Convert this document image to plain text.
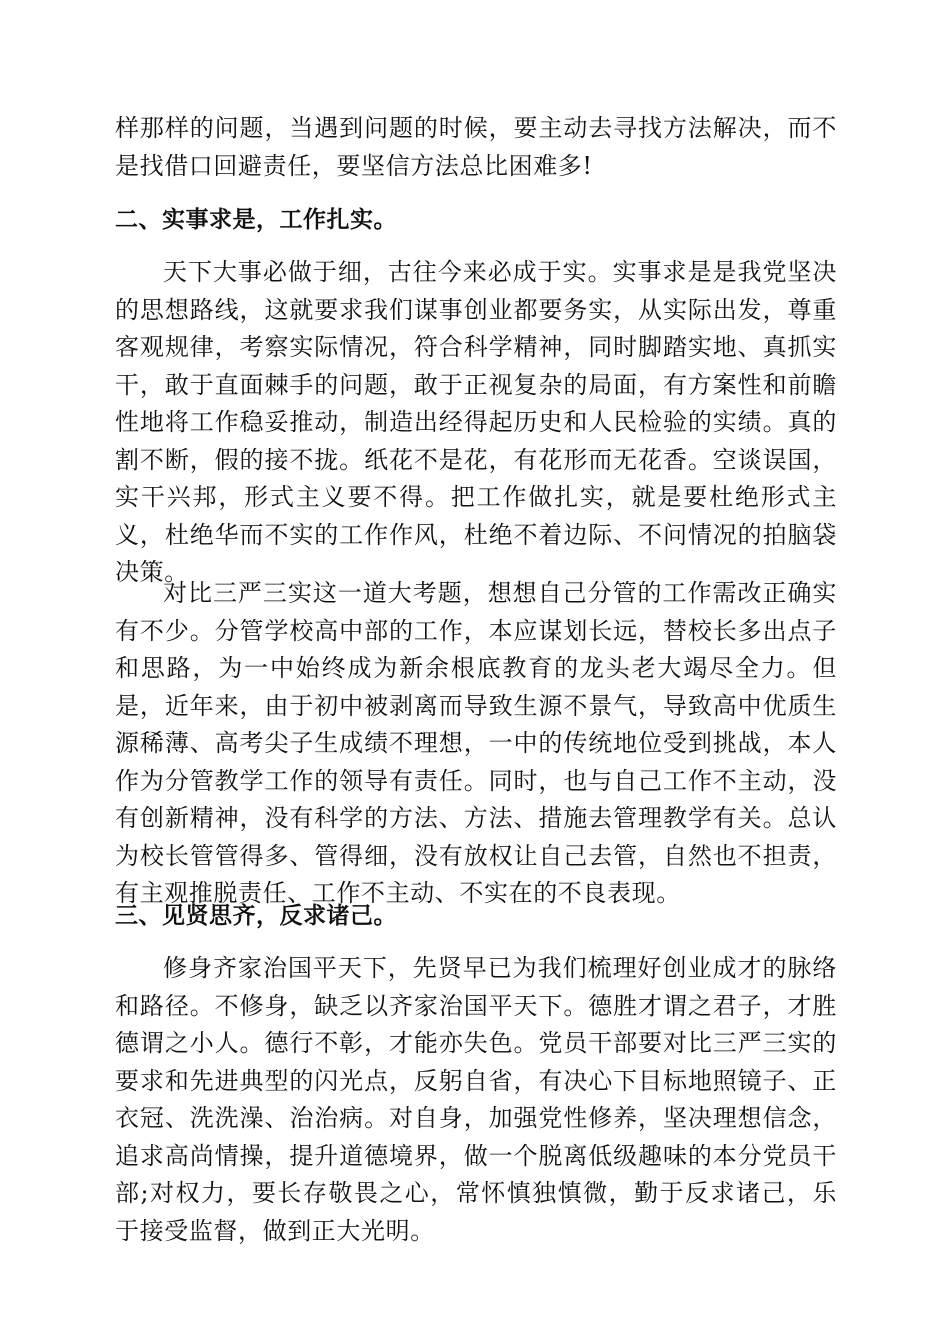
样那样的问题，当遇到问题的时候，要主动去寻找方法解决，而不是找借口回避责任，要坚信方法总比困难多!

二、实事求是，工作扎实。

天下大事必做于细，古往今来必成于实。实事求是是我党坚决的思想路线，这就要求我们谋事创业都要务实，从实际出发，尊重客观规律，考察实际情况，符合科学精神，同时脚踏实地、真抓实干，敢于直面棘手的问题，敢于正视复杂的局面，有方案性和前瞻性地将工作稳妥推动，制造出经得起历史和人民检验的实绩。真的割不断，假的接不拢。纸花不是花，有花形而无花香。空谈误国，实干兴邦，形式主义要不得。把工作做扎实，就是要杜绝形式主义，杜绝华而不实的工作作风，杜绝不着边际、不问情况的拍脑袋决策。

对比三严三实这一道大考题，想想自己分管的工作需改正确实有不少。分管学校高中部的工作，本应谋划长远，替校长多出点子和思路，为一中始终成为新余根底教育的龙头老大竭尽全力。但是，近年来，由于初中被剥离而导致生源不景气，导致高中优质生源稀薄、高考尖子生成绩不理想，一中的传统地位受到挑战，本人作为分管教学工作的领导有责任。同时，也与自己工作不主动，没有创新精神，没有科学的方法、方法、措施去管理教学有关。总认为校长管管得多、管得细，没有放权让自己去管，自然也不担责，有主观推脱责任、工作不主动、不实在的不良表现。

三、见贤思齐，反求诸己。

修身齐家治国平天下，先贤早已为我们梳理好创业成才的脉络和路径。不修身，缺乏以齐家治国平天下。德胜才谓之君子，才胜德谓之小人。德行不彰，才能亦失色。党员干部要对比三严三实的要求和先进典型的闪光点，反躬自省，有决心下目标地照镜子、正衣冠、洗洗澡、治治病。对自身，加强党性修养，坚决理想信念，追求高尚情操，提升道德境界，做一个脱离低级趣味的本分党员干部;对权力，要长存敬畏之心，常怀慎独慎微，勤于反求诸己，乐于接受监督，做到正大光明。
